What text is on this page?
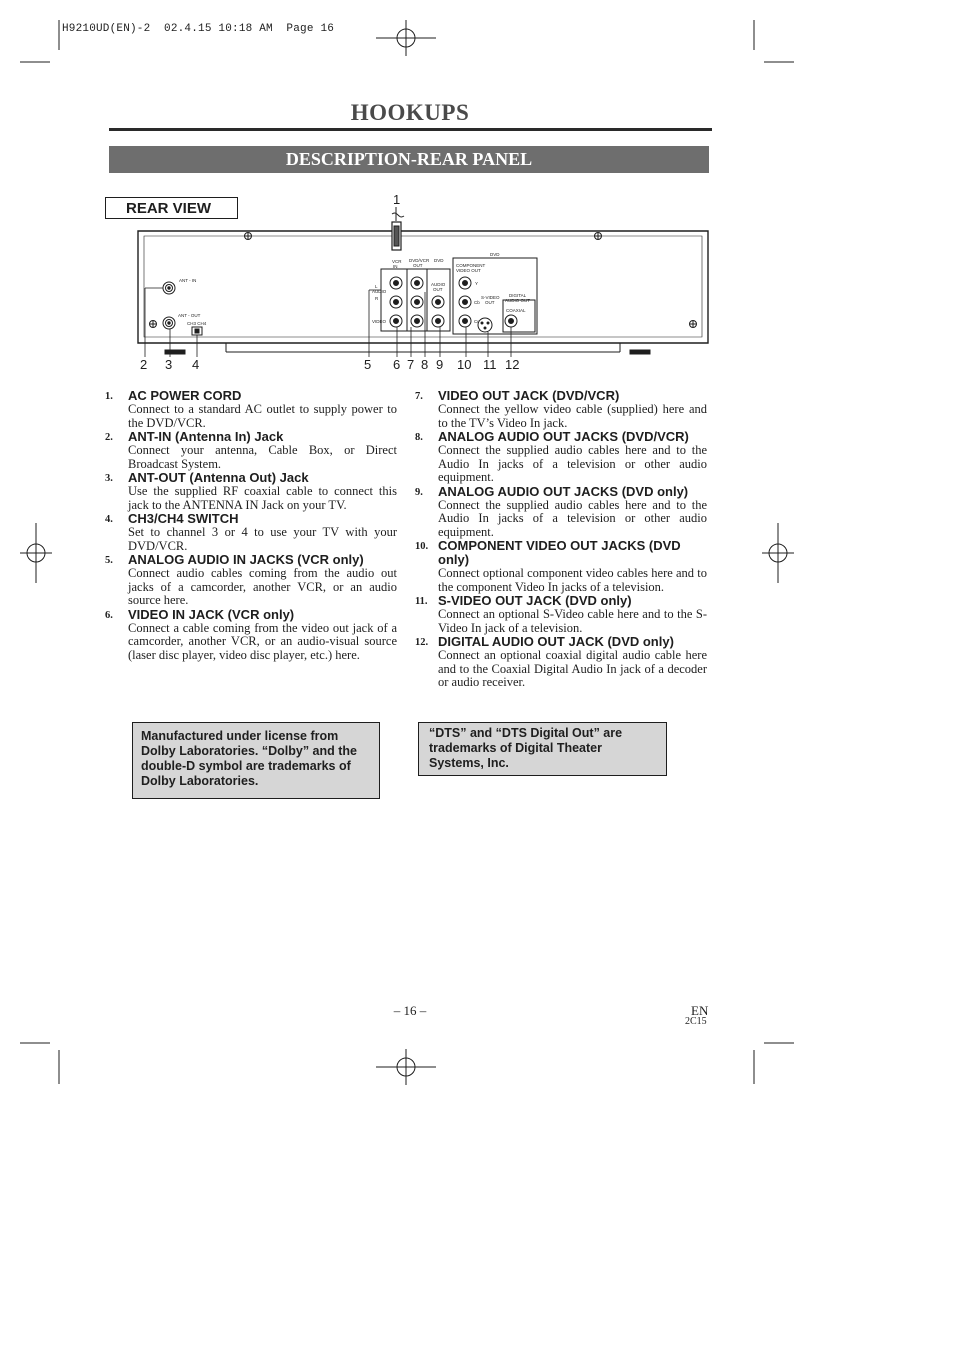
H9210UD(EN)-2  02.4.15 10:18 AM  Page 16
HOOKUPS
DESCRIPTION-REAR PANEL
REAR VIEW
ANT - IN
ANT - OUT
CH3 CH4
VCR
IN
DVD/VCR
OUT
DVD
AUDIO
L
R
VIDEO
AUDIO
OUT
DVD
COMPONENT
VIDEO OUT
Y
Cb
Cr
S-VIDEO
OUT
DIGITAL
AUDIO OUT
COAXIAL
1
2 3 4	5 6 7 8 9 10 11 12
1. AC POWER CORD
Connect to a standard AC outlet to supply power to the DVD/VCR.
2. ANT-IN (Antenna In) Jack
Connect your antenna, Cable Box, or Direct Broadcast System.
3. ANT-OUT (Antenna Out) Jack
Use the supplied RF coaxial cable to connect this jack to the ANTENNA IN Jack on your TV.
4. CH3/CH4 SWITCH
Set to channel 3 or 4 to use your TV with your DVD/VCR.
5. ANALOG AUDIO IN JACKS (VCR only)
Connect audio cables coming from the audio out jacks of a camcorder, another VCR, or an audio source here.
6. VIDEO IN JACK (VCR only)
Connect a cable coming from the video out jack of a camcorder, another VCR, or an audio-visual source (laser disc player, video disc player, etc.) here.
7. VIDEO OUT JACK (DVD/VCR)
Connect the yellow video cable (supplied) here and to the TV’s Video In jack.
8. ANALOG AUDIO OUT JACKS (DVD/VCR)
Connect the supplied audio cables here and to the Audio In jacks of a television or other audio equipment.
9. ANALOG AUDIO OUT JACKS (DVD only)
Connect the supplied audio cables here and to the Audio In jacks of a television or other audio equipment.
10. COMPONENT VIDEO OUT JACKS (DVD only)
Connect optional component video cables here and to the component Video In jacks of a television.
11. S-VIDEO OUT JACK (DVD only)
Connect an optional S-Video cable here and to the S-Video In jack of a television.
12. DIGITAL AUDIO OUT JACK (DVD only)
Connect an optional coaxial digital audio cable here and to the Coaxial Digital Audio In jack of a decoder or audio receiver.
Manufactured under license from Dolby Laboratories. “Dolby” and the double-D symbol are trademarks of Dolby Laboratories.
“DTS” and “DTS Digital Out” are trademarks of Digital Theater Systems, Inc.
– 16 –	EN
2C15
